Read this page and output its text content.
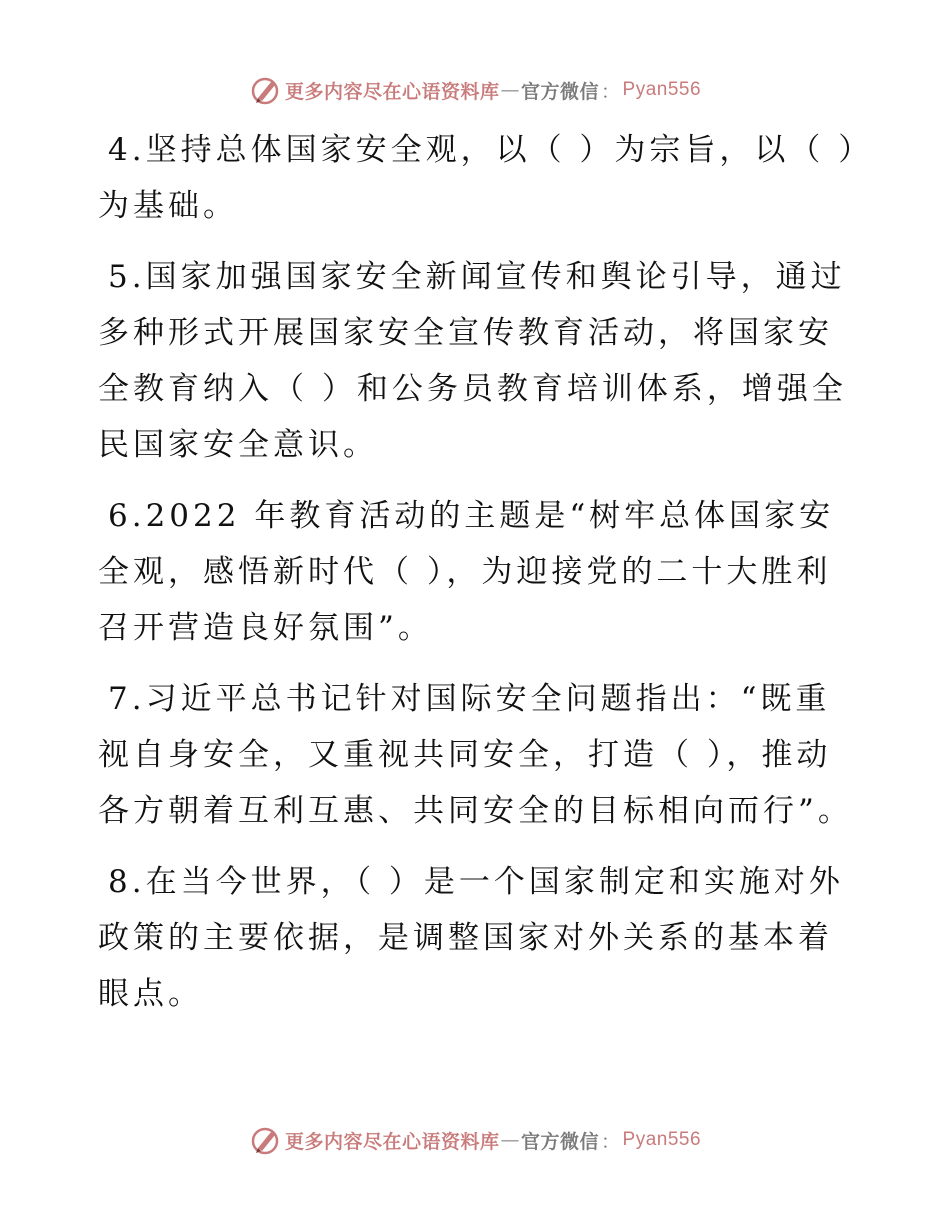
更多内容尽在心语资料库 — 官方微信 ： Pyan556

4.坚持总体国家安全观，以（ ）为宗旨，以（ ）为基础。

5.国家加强国家安全新闻宣传和舆论引导，通过多种形式开展国家安全宣传教育活动，将国家安全教育纳入（ ）和公务员教育培训体系，增强全民国家安全意识。

6.2022 年教育活动的主题是“树牢总体国家安全观，感悟新时代（ ），为迎接党的二十大胜利召开营造良好氛围”。

7.习近平总书记针对国际安全问题指出：“既重视自身安全，又重视共同安全，打造（ ），推动各方朝着互利互惠、共同安全的目标相向而行”。

8.在当今世界，（ ）是一个国家制定和实施对外政策的主要依据，是调整国家对外关系的基本着眼点。

更多内容尽在心语资料库 — 官方微信 ： Pyan556
